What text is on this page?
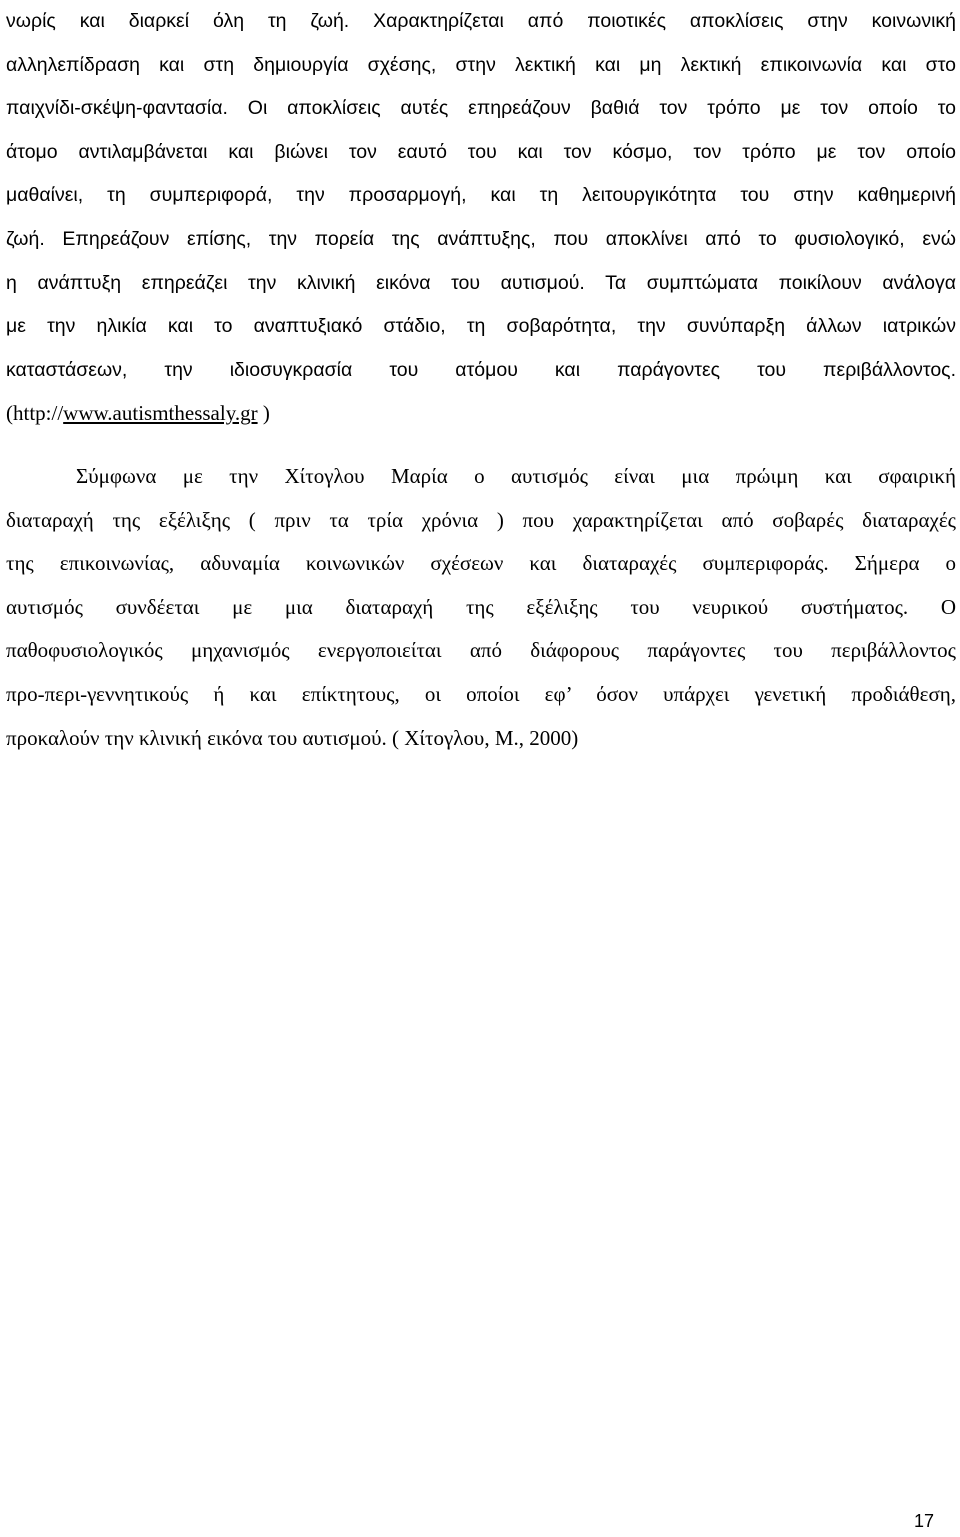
νωρίς και διαρκεί όλη τη ζωή. Χαρακτηρίζεται από ποιοτικές αποκλίσεις στην κοινωνική
αλληλεπίδραση και στη δημιουργία σχέσης, στην λεκτική και μη λεκτική επικοινωνία και στο
παιχνίδι-σκέψη-φαντασία. Οι αποκλίσεις αυτές επηρεάζουν βαθιά τον τρόπο με τον οποίο το
άτομο αντιλαμβάνεται και βιώνει τον εαυτό του και τον κόσμο, τον τρόπο με τον οποίο
μαθαίνει, τη συμπεριφορά, την προσαρμογή, και τη λειτουργικότητα του στην καθημερινή
ζωή. Επηρεάζουν επίσης, την πορεία της ανάπτυξης, που αποκλίνει από το φυσιολογικό, ενώ
η ανάπτυξη επηρεάζει την κλινική εικόνα του αυτισμού. Τα συμπτώματα ποικίλουν ανάλογα
με την ηλικία και το αναπτυξιακό στάδιο, τη σοβαρότητα, την συνύπαρξη άλλων ιατρικών
καταστάσεων, την ιδιοσυγκρασία του ατόμου και παράγοντες του περιβάλλοντος.
(http://www.autismthessaly.gr )
Σύμφωνα με την Χίτογλου Μαρία ο αυτισμός είναι μια πρώιμη και σφαιρική
διαταραχή της εξέλιξης ( πριν τα τρία χρόνια ) που χαρακτηρίζεται από σοβαρές διαταραχές
της επικοινωνίας, αδυναμία κοινωνικών σχέσεων και διαταραχές συμπεριφοράς. Σήμερα ο
αυτισμός συνδέεται με μια διαταραχή της εξέλιξης του νευρικού συστήματος. Ο
παθοφυσιολογικός μηχανισμός ενεργοποιείται από διάφορους παράγοντες του περιβάλλοντος
προ-περι-γεννητικούς ή και επίκτητους, οι οποίοι εφ’ όσον υπάρχει γενετική προδιάθεση,
προκαλούν την κλινική εικόνα του αυτισμού. ( Χίτογλου, Μ., 2000)
17
